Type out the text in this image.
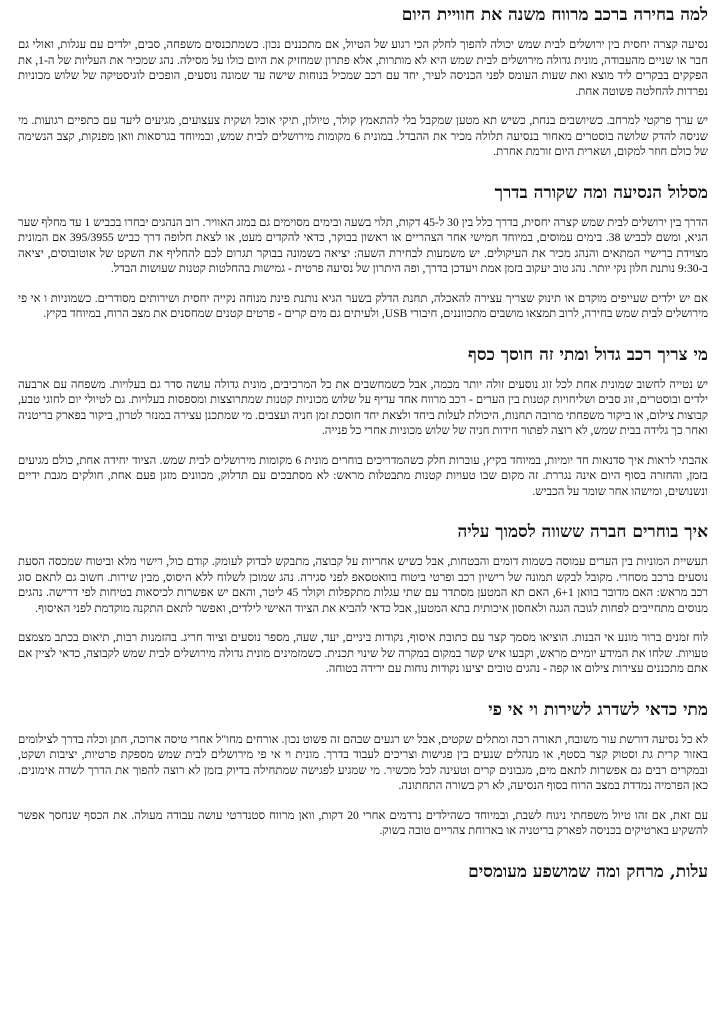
למה בחירה ברכב מרווח משנה את חוויית היום

נסיעה קצרה יחסית בין ירושלים לבית שמש יכולה להפוך לחלק הכי רגוע של הטיול, אם מתכננים נכון. כשמתכנסים משפחה, סבים, ילדים עם עגלות, ואולי גם חבר או שניים מהעבודה, מונית גדולה מירושלים לבית שמש היא לא מותרות, אלא פתרון שמחזיק את היום כולו על מסילה. נהג שמכיר את העליות של ה-1, את הפקקים בבקרים ליד מוצא ואת שעות העומס לפני הכניסה לעיר, יחד עם רכב שמכיל בנוחות שישה עד שמונה נוסעים, הופכים לוגיסטיקה של שלוש מכוניות נפרדות להחלטה פשוטה אחת.

יש ערך פרקטי למרחב. כשיושבים בנחת, כשיש תא מטען שמקבל בלי להתאמץ קולר, טיולון, תיקי אוכל ושקית צעצועים, מגיעים ליעד עם כתפיים רגועות. מי שניסה להדק שלושה בוסטרים מאחור בנסיעה תלולה מכיר את ההבדל. במונית 6 מקומות מירושלים לבית שמש, ובמיוחד בגרסאות וואן מפנקות, קצב הנשימה של כולם חוזר למקום, ושארית היום זורמת אחרת.

מסלול הנסיעה ומה שקורה בדרך

הדרך בין ירושלים לבית שמש קצרה יחסית, בדרך כלל בין 30 ל-45 דקות, תלוי בשעה ובימים מסוימים גם במזג האוויר. רוב הנהגים יבחרו בכביש 1 עד מחלף שער הגיא, ומשם לכביש 38. בימים עמוסים, במיוחד חמישי אחר הצהריים או ראשון בבוקר, כדאי להקדים מעט, או לצאת חלופה דרך כביש 395/3955 אם המונית מצוידת ברישיי המתאים והנהג מכיר את העיקולים. יש משמעות לבחירת השעה: יציאה בשמונה בבוקר תגרום לכם להחליף את השקט של אוטובוסים, יציאה ב-9:30 נותנת חלון נקי יותר. נהג טוב יעקוב בזמן אמת ויעדכן בדרך, ופה היתרון של נסיעה פרטית - גמישות בהחלטות קטנות שעושות הבדל.

אם יש ילדים שעייפים מוקדם או תינוק שצריך עצירה להאכלה, תחנת הדלק בשער הגיא נותנת פינת מנוחה נקייה יחסית ושירותים מסודרים. כשמוניות ו אי פי מירושלים לבית שמש בחירה, לרוב תמצאו מושבים מתכווננים, חיבורי USB, ולעיתים גם מים קרים - פרטים קטנים שמחסנים את מצב הרוח, במיוחד בקיץ.

מי צריך רכב גדול ומתי זה חוסך כסף

יש נטייה לחשוב שמונית אחת לכל זוג נוסעים זולה יותר מכמה, אבל כשמחשבים את כל המרכיבים, מונית גדולה עושה סדר גם בעלויות. משפחה עם ארבעה ילדים ובוסטרים, זוג סבים ושליחויות קטנות בין הערים - רכב מרווח אחד עדיף על שלוש מכוניות קטנות שמתרוצצות ומספסות בעלויות. גם לטיולי יום לחוגי טבע, קבוצות צילום, או ביקור משפחתי מרובה תחנות, היכולת לעלות ביחד ולצאת יחד חוסכת זמן חניה ועצבים. מי שמתכנן עצירה במנזר לטרון, ביקור בפארק בריטניה ואחר כך גלידה בבית שמש, לא רוצה לפתור חידות חניה של שלוש מכוניות אחרי כל פנייה.

אהבתי לראות איך סדנאות חד יומיות, במיוחד בקיץ, עוברות חלק כשהמדריכים בוחרים מונית 6 מקומות מירושלים לבית שמש. הציוד יחידה אחת, כולם מגיעים בזמן, והחזרה בסוף היום אינה נגררת. זה מקום שבו טעויות קטנות מתבטלות מראש: לא מסתבכים עם תדלוק, מכוונים מזגן פעם אחת, חולקים מגבת ידיים ונשנושים, ומישהו אחר שומר על הכביש.

איך בוחרים חברה ששווה לסמוך עליה

תעשיית המוניות בין הערים עמוסה בשמות דומים והבטחות, אבל כשיש אחריות על קבוצה, מתבקש לבדוק לעומק. קודם כול, רישוי מלא וביטוח שמכסה הסעת נוסעים ברכב מסחרי. מקובל לבקש תמונה של רישיון רכב ופרטי ביטוח בוואטסאפ לפני סגירה. נהג שמוכן לשלוח ללא היסוס, מבין שירות. חשוב גם לתאם סוג רכב מראש: האם מדובר בוואן 6+1, האם תא המטען מסתדר עם שתי עגלות מתקפלות וקולר 45 ליטר, והאם יש אפשרות לכיסאות בטיחות לפי דרישה. נהגים מנוסים מתחייבים לפחות לגובה הגגה ולאחסון איכותית בתא המטען, אבל כדאי להביא את הציוד האישי לילדים, ואפשר לתאם התקנה מוקדמת לפני האיסוף.

לוח זמנים ברור מונע אי הבנות. הוציאו מסמך קצר עם כתובת איסוף, נקודות ביניים, יעד, שעה, מספר נוסעים וציוד חריג. בהזמנות רבות, תיאום בכתב מצמצם טעויות. שלחו את המידע יומיים מראש, וקבעו איש קשר במקום במקרה של שינוי תכנית. כשמזמינים מונית גדולה מירושלים לבית שמש לקבוצה, כדאי לציין אם אתם מתכננים עצירות צילום או קפה - נהגים טובים יציעו נקודות נוחות עם ירידה בטוחה.

מתי כדאי לשדרג לשירות וי אי פי

לא כל נסיעה דורשת עור משובח, תאורה רכה ומתלים שקטים, אבל יש רגעים שבהם זה פשוט נכון. אורחים מחו"ל אחרי טיסה ארוכה, חתן וכלה בדרך לצילומים באזור קרית גת וסטוק קצר בסטף, או מנהלים שנעים בין פגישות וצריכים לעבוד בדרך. מונית וי אי פי מירושלים לבית שמש מספקת פרטיות, יציבות ושקט, ובמקרים רבים גם אפשרות לתאם מים, מגבונים קרים וטעינה לכל מכשיר. מי שמגיע לפגישה שמתחילה בדיוק בזמן לא רוצה להפוך את הדרך לשדה אימונים. כאן הפרמיה נמדדת במצב הרוח בסוף הנסיעה, לא רק בשורה התחתונה.

עם זאת, אם זהו טיול משפחתי ניגוח לשבת, ובמיוחד כשהילדים נרדמים אחרי 20 דקות, וואן מרווח סטנדרטי עושה עבודה מעולה. את הכסף שנחסך אפשר להשקיע בארטיקים בכניסה לפארק בריטניה או בארוחת צהריים טובה בשוק.

עלות, מרחק ומה שמושפע מעומסים
